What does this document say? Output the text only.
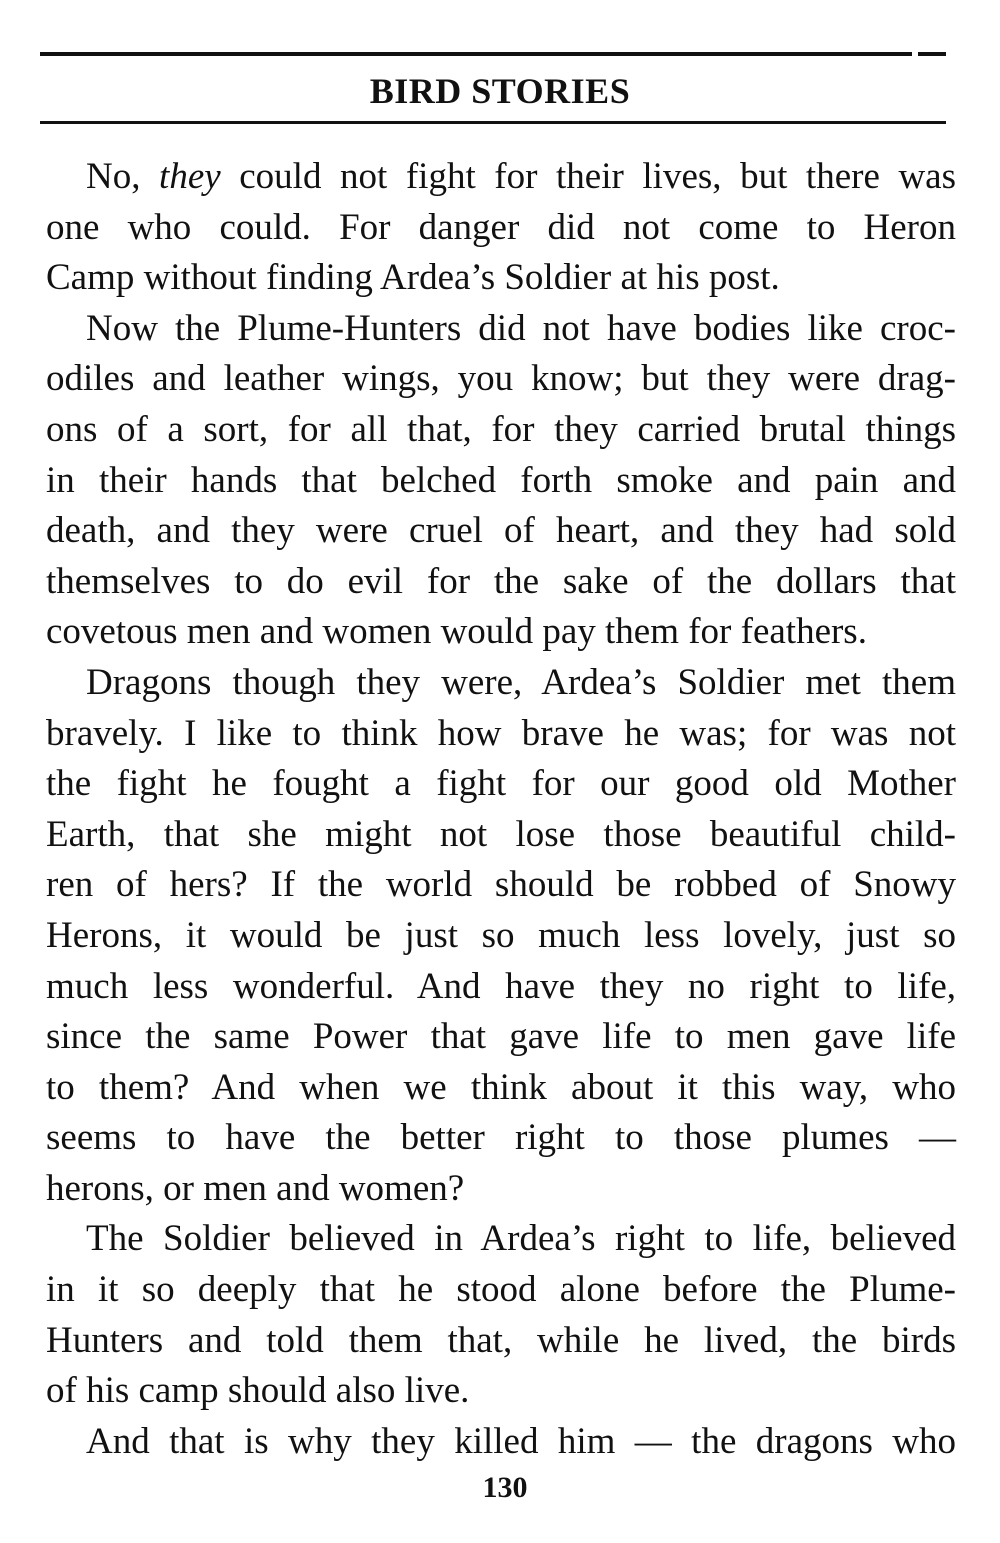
BIRD STORIES
No, they could not fight for their lives, but there was
one who could. For danger did not come to Heron
Camp without finding Ardea’s Soldier at his post.
Now the Plume-Hunters did not have bodies like croc-
odiles and leather wings, you know; but they were drag-
ons of a sort, for all that, for they carried brutal things
in their hands that belched forth smoke and pain and
death, and they were cruel of heart, and they had sold
themselves to do evil for the sake of the dollars that
covetous men and women would pay them for feathers.
Dragons though they were, Ardea’s Soldier met them
bravely. I like to think how brave he was; for was not
the fight he fought a fight for our good old Mother
Earth, that she might not lose those beautiful child-
ren of hers? If the world should be robbed of Snowy
Herons, it would be just so much less lovely, just so
much less wonderful. And have they no right to life,
since the same Power that gave life to men gave life
to them? And when we think about it this way, who
seems to have the better right to those plumes —
herons, or men and women?
The Soldier believed in Ardea’s right to life, believed
in it so deeply that he stood alone before the Plume-
Hunters and told them that, while he lived, the birds
of his camp should also live.
And that is why they killed him — the dragons who
130
